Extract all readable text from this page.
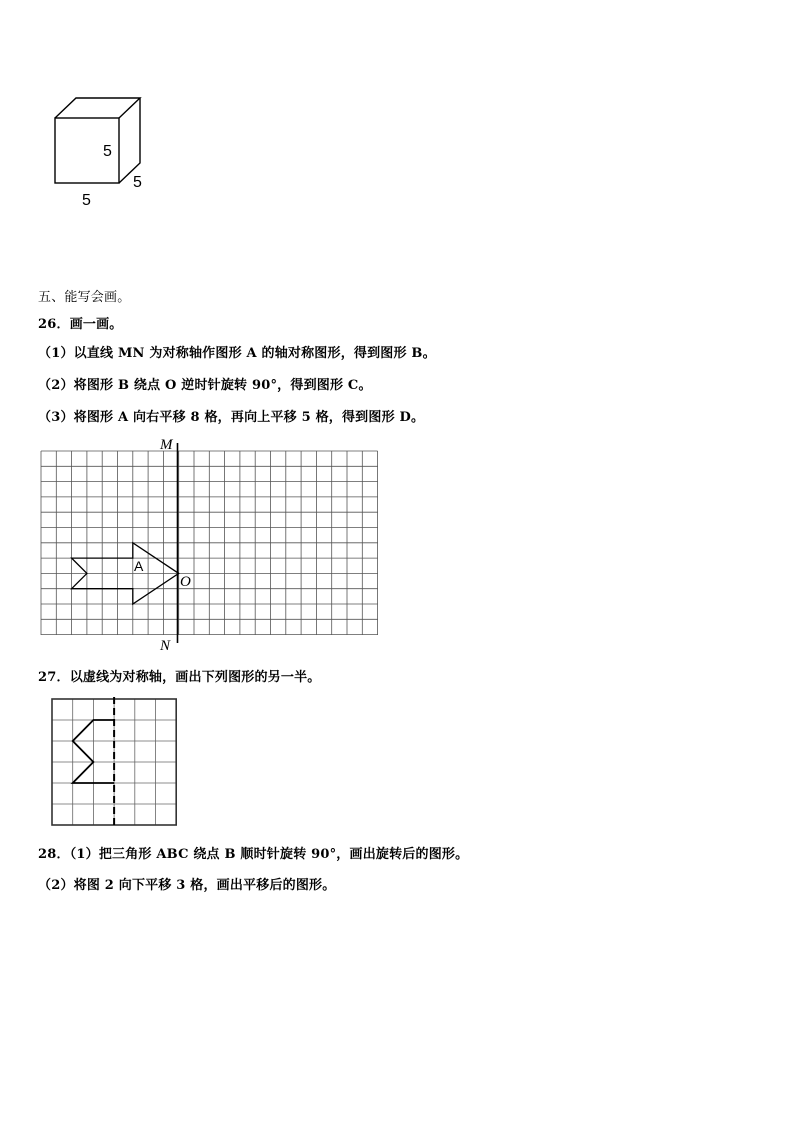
5
5
5
五、能写会画。
26．画一画。
（1）以直线 MN 为对称轴作图形 A 的轴对称图形，得到图形 B。
（2）将图形 B 绕点 O 逆时针旋转 90°，得到图形 C。
（3）将图形 A 向右平移 8 格，再向上平移 5 格，得到图形 D。
M
N
O
A
27．以虚线为对称轴，画出下列图形的另一半。
28．（1）把三角形 ABC 绕点 B 顺时针旋转 90°，画出旋转后的图形。
（2）将图 2 向下平移 3 格，画出平移后的图形。
